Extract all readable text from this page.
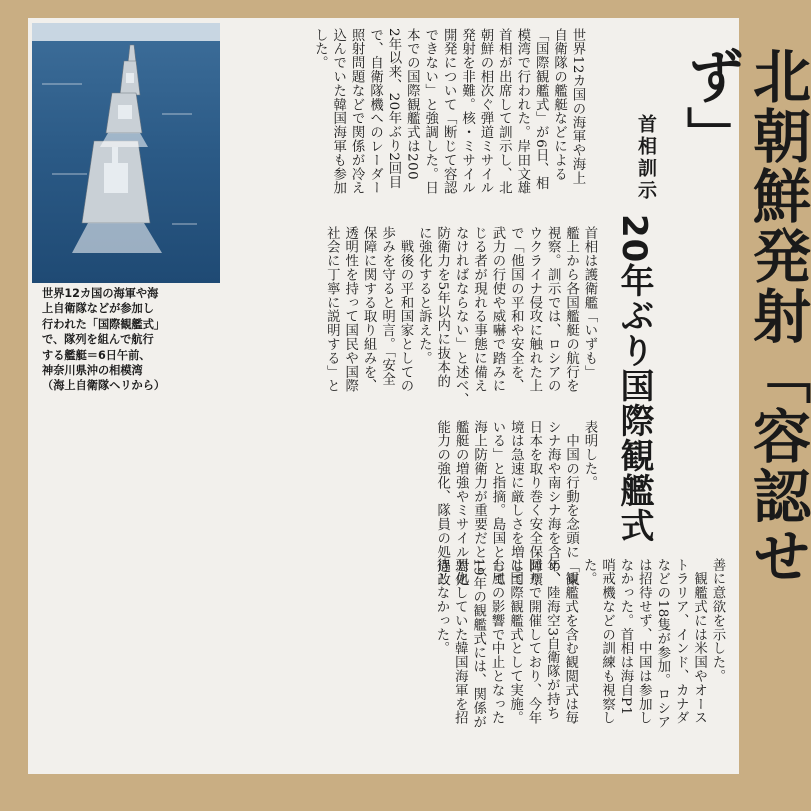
北朝鮮発射「容認せず」
首相訓示
20年ぶり国際観艦式
世界12カ国の海軍や海上
自衛隊の艦艇などによる
「国際観艦式」が6日、相
模湾で行われた。岸田文雄
首相が出席して訓示し、北
朝鮮の相次ぐ弾道ミサイル
発射を非難。核・ミサイル
開発について「断じて容認
できない」と強調した。日
本での国際観艦式は200
2年以来、20年ぶり2回目
で、自衛隊機へのレーダー
照射問題などで関係が冷え
込んでいた韓国海軍も参加
した。
首相は護衛艦「いずも」
艦上から各国艦艇の航行を
視察。訓示では、ロシアの
ウクライナ侵攻に触れた上
で「他国の平和や安全を、
武力の行使や威嚇で踏みに
じる者が現れる事態に備え
なければならない」と述べ、
防衛力を5年以内に抜本的
に強化すると訴えた。
　戦後の平和国家としての
歩みを守ると明言。「安全
保障に関する取り組みを、
透明性を持って国民や国際
社会に丁寧に説明する」と
表明した。
　中国の行動を念頭に「東
シナ海や南シナ海を含め、
日本を取り巻く安全保障環
境は急速に厳しさを増して
いる」と指摘。島国として
海上防衛力が重要だとし、
艦艇の増強やミサイル対処
能力の強化、隊員の処遇改
善に意欲を示した。
　観艦式には米国やオース
トラリア、インド、カナダ
などの18隻が参加。ロシア
は招待せず、中国は参加し
なかった。首相は海自P1
哨戒機などの訓練も視察し
た。
　観艦式を含む観閲式は毎
年、陸海空3自衛隊が持ち
回りで開催しており、今年
は国際観艦式として実施。
台風の影響で中止となった
19年の観艦式には、関係が
悪化していた韓国海軍を招
待しなかった。
世界12カ国の海軍や海
上自衛隊などが参加し
行われた「国際観艦式」
で、隊列を組んで航行
する艦艇＝6日午前、
神奈川県沖の相模湾
（海上自衛隊ヘリから）
